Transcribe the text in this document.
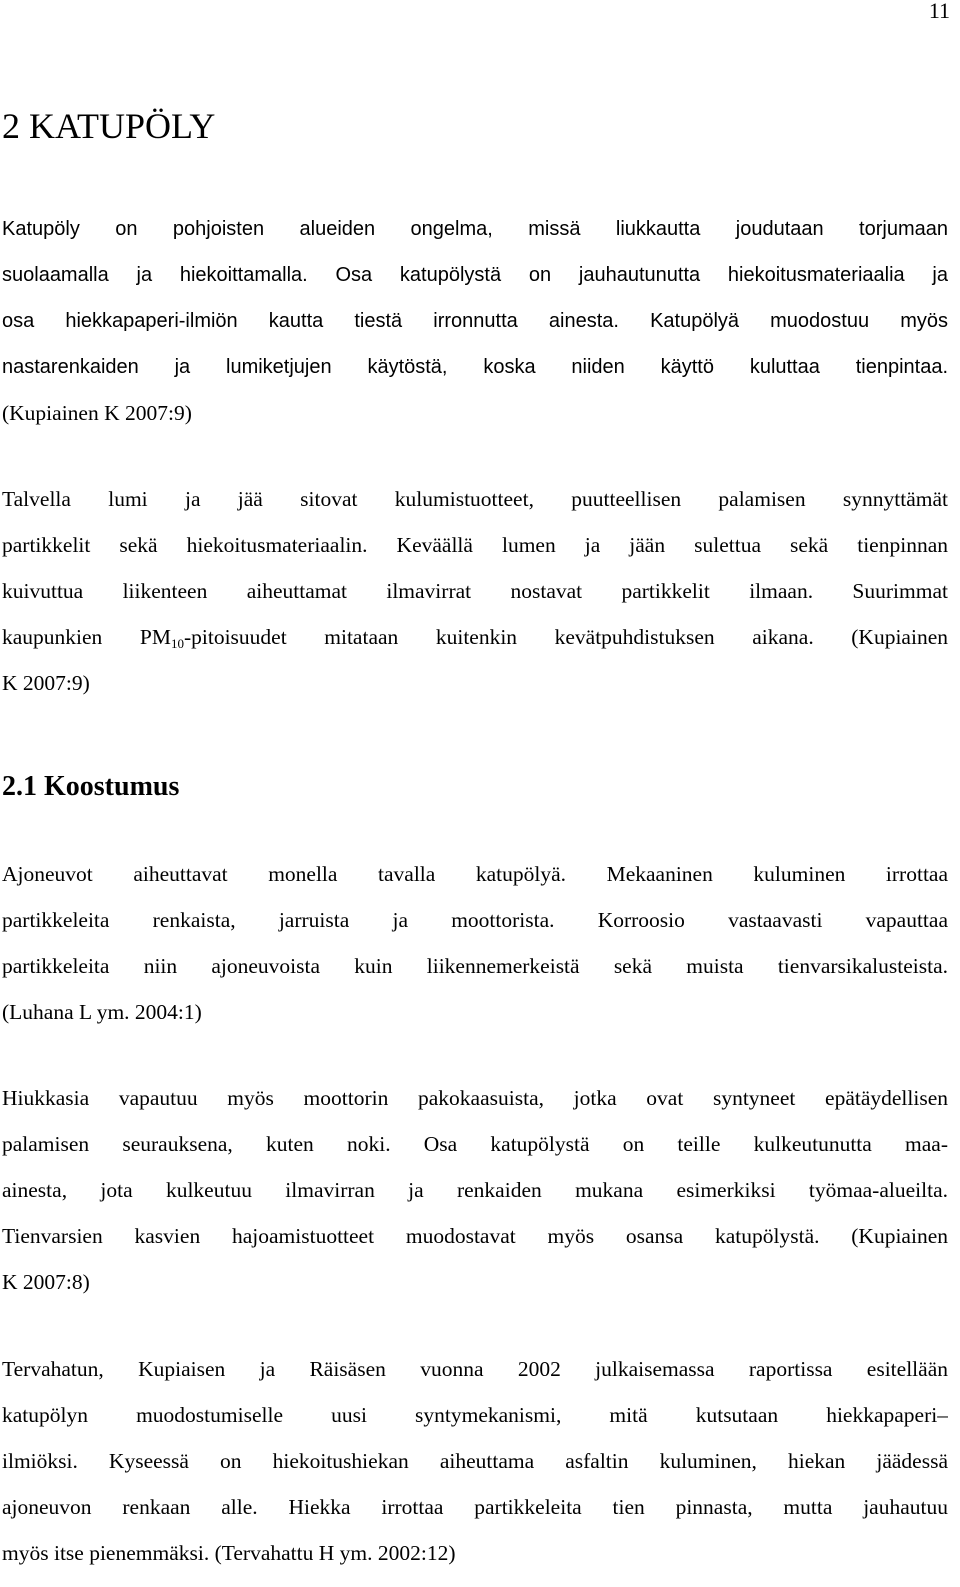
11
2 KATUPÖLY
Katupöly on pohjoisten alueiden ongelma, missä liukkautta joudutaan torjumaan
suolaamalla ja hiekoittamalla. Osa katupölystä on jauhautunutta hiekoitusmateriaalia ja
osa hiekkapaperi-ilmiön kautta tiestä irronnutta ainesta. Katupölyä muodostuu myös
nastarenkaiden ja lumiketjujen käytöstä, koska niiden käyttö kuluttaa tienpintaa.
(Kupiainen K 2007:9)
Talvella lumi ja jää sitovat kulumistuotteet, puutteellisen palamisen synnyttämät
partikkelit sekä hiekoitusmateriaalin. Keväällä lumen ja jään sulettua sekä tienpinnan
kuivuttua liikenteen aiheuttamat ilmavirrat nostavat partikkelit ilmaan. Suurimmat
kaupunkien $PM_{10}$-pitoisuudet mitataan kuitenkin kevätpuhdistuksen aikana. (Kupiainen
K 2007:9)
2.1 Koostumus
Ajoneuvot aiheuttavat monella tavalla katupölyä. Mekaaninen kuluminen irrottaa
partikkeleita renkaista, jarruista ja moottorista. Korroosio vastaavasti vapauttaa
partikkeleita niin ajoneuvoista kuin liikennemerkeistä sekä muista tienvarsikalusteista.
(Luhana L ym. 2004:1)
Hiukkasia vapautuu myös moottorin pakokaasuista, jotka ovat syntyneet epätäydellisen
palamisen seurauksena, kuten noki. Osa katupölystä on teille kulkeutunutta maa-
ainesta, jota kulkeutuu ilmavirran ja renkaiden mukana esimerkiksi työmaa-alueilta.
Tienvarsien kasvien hajoamistuotteet muodostavat myös osansa katupölystä. (Kupiainen
K 2007:8)
Tervahatun, Kupiaisen ja Räisäsen vuonna 2002 julkaisemassa raportissa esitellään
katupölyn muodostumiselle uusi syntymekanismi, mitä kutsutaan hiekkapaperi–
ilmiöksi. Kyseessä on hiekoitushiekan aiheuttama asfaltin kuluminen, hiekan jäädessä
ajoneuvon renkaan alle. Hiekka irrottaa partikkeleita tien pinnasta, mutta jauhautuu
myös itse pienemmäksi. (Tervahattu H ym. 2002:12)
